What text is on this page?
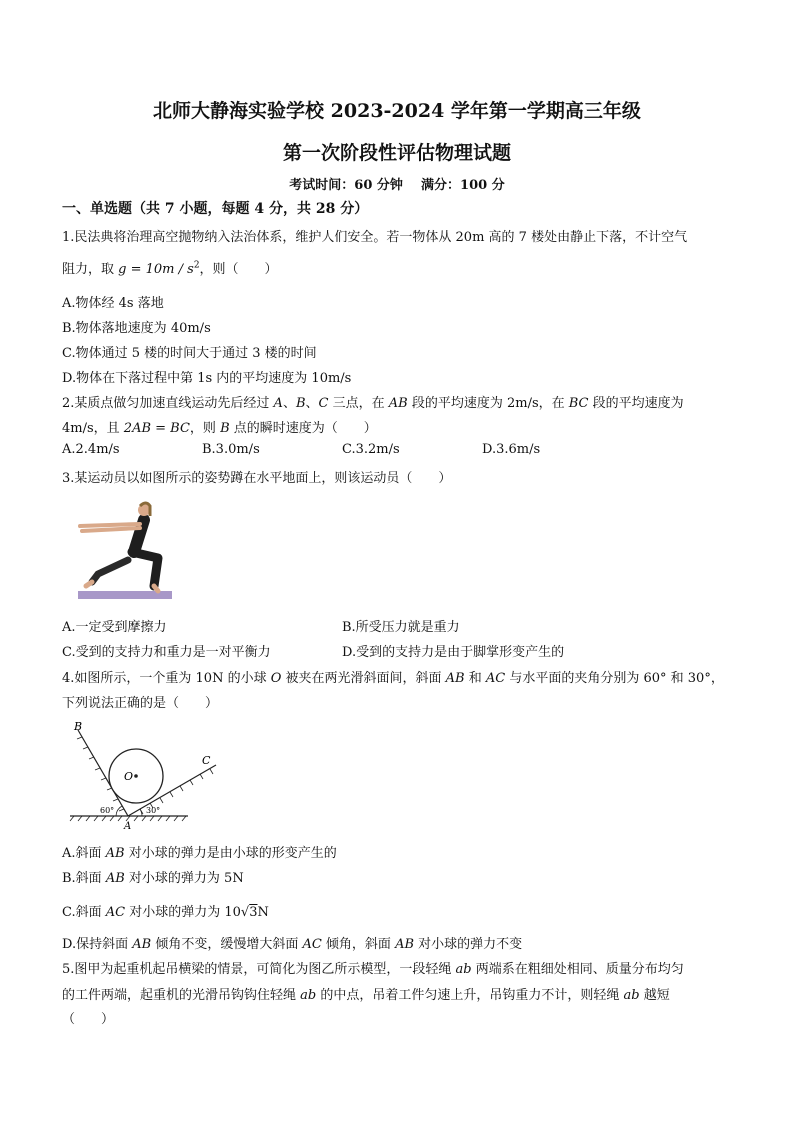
北师大静海实验学校 2023-2024 学年第一学期高三年级
第一次阶段性评估物理试题
考试时间：60 分钟 满分：100 分
一、单选题（共 7 小题，每题 4 分，共 28 分）
1.民法典将治理高空抛物纳入法治体系，维护人们安全。若一物体从 20m 高的 7 楼处由静止下落，不计空气
阻力，取 $g = 10m / s^2$，则（　　）
A.物体经 4s 落地
B.物体落地速度为 40m/s
C.物体通过 5 楼的时间大于通过 3 楼的时间
D.物体在下落过程中第 1s 内的平均速度为 10m/s
2.某质点做匀加速直线运动先后经过 A、B、C 三点，在 AB 段的平均速度为 2m/s，在 BC 段的平均速度为
4m/s，且 2AB = BC，则 B 点的瞬时速度为（　　）
A.2.4m/s	B.3.0m/s	C.3.2m/s	D.3.6m/s
3.某运动员以如图所示的姿势蹲在水平地面上，则该运动员（　　）
A.一定受到摩擦力	B.所受压力就是重力
C.受到的支持力和重力是一对平衡力	D.受到的支持力是由于脚掌形变产生的
4.如图所示，一个重为 10N 的小球 O 被夹在两光滑斜面间，斜面 AB 和 AC 与水平面的夹角分别为 60° 和 30°，
下列说法正确的是（　　）
B
C
O
A
60°	30°
A.斜面 AB 对小球的弹力是由小球的形变产生的
B.斜面 AB 对小球的弹力为 5N
C.斜面 AC 对小球的弹力为 10√3N
D.保持斜面 AB 倾角不变，缓慢增大斜面 AC 倾角，斜面 AB 对小球的弹力不变
5.图甲为起重机起吊横梁的情景，可简化为图乙所示模型，一段轻绳 ab 两端系在粗细处相同、质量分布均匀
的工件两端，起重机的光滑吊钩钩住轻绳 ab 的中点，吊着工件匀速上升，吊钩重力不计，则轻绳 ab 越短
（　　）
